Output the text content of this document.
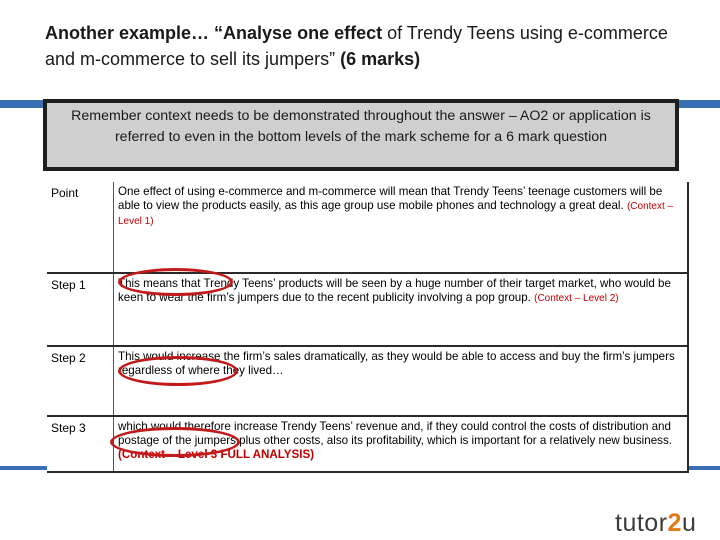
Another example… “Analyse one effect of Trendy Teens using e-commerce and m-commerce to sell its jumpers” (6 marks)
Remember context needs to be demonstrated throughout the answer – AO2 or application is referred to even in the bottom levels of the mark scheme for a 6 mark question
Point	One effect of using e-commerce and m-commerce will mean that Trendy Teens’ teenage customers will be able to view the products easily, as this age group use mobile phones and technology a great deal. (Context – Level 1)
Step 1	This means that Trendy Teens’ products will be seen by a huge number of their target market, who would be keen to wear the firm’s jumpers due to the recent publicity involving a pop group. (Context – Level 2)
Step 2	This would increase the firm’s sales dramatically, as they would be able to access and buy the firm’s jumpers regardless of where they lived…
Step 3	which would therefore increase Trendy Teens’ revenue and, if they could control the costs of distribution and postage of the jumpers plus other costs, also its profitability, which is important for a relatively new business. (Context – Level 3 FULL ANALYSIS)
tutor2u
